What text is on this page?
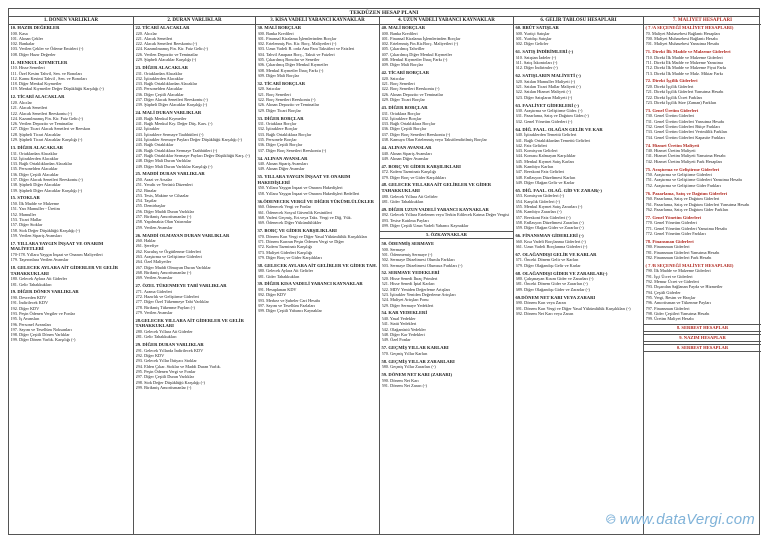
TEKDÜZEN HESAP PLANI
1. DÖNEN VARLIKLAR
10. HAZIR DEĞERLER
100. Kasa
101. Alınan Çekler
102. Bankalar
103. Verilen Çekler ve Ödeme Emirleri (-)
108. Diğer Hazır Değerler
11. MENKUL KIYMETLER
110. Hisse Senetleri
111. Özel Kesim Tahvil, Sen. ve Bonoları
112. Kamu Kesimi Tahvil , Sen. ve Bonoları
118. Diğer Menkul Kıymetler
119. Menkul Kıymetler Değer Düşüklüğü Karşılığı (-)
12. TİCARİ ALACAKLAR
120. Alıcılar
121. Alacak Senetleri
122. Alacak Senetleri Reeskontu (-)
124. Kazanılmamış Fin. Kir. Faiz Gelir.(-)
126. Verilen Depozito ve Teminatlar
127. Diğer Ticari Alacak Senetleri ve Reeskon
128. Şüpheli Ticari Alacaklar
129. Şüpheli Ticari Alacaklar Karşılığı (-)
13. DİĞER ALACAKLAR
131. Ortaklardan Alacaklar
132. İştiraklerden Alacaklar
133. Bağlı Ortaklıklardan Alacaklar
135. Personelden Alacaklar
136. Diğer Çeşitli Alacaklar
137. Diğer Alacak Senetleri Reeskontu (-)
138. Şüpheli Diğer Alacaklar
139. Şüpheli Diğer Alacaklar Karşılığı (-)
15. STOKLAR
150. İlk Madde ve Malzeme
151. Yarı Mamuller - Üretim
152. Mamuller
153. Ticari Mallar
157. Diğer Stoklar
158. Stok Değer Düşüklüğü Karşılığı (-)
159. Verilen Sipariş Avansları
17. YILLARA YAYGIN İNŞAAT VE ONARIM MALİYETLERİ
170-178. Yıllara Yaygın İnşaat ve Onarım Maliyetleri
179. Taşeronlara Verilen Avanslar
18. GELECEK AYLARA AİT GİDERLER VE GELİR TAHAKKUKLARI
180. Gelecek Aylara Ait Giderler
181. Gelir Tahakkukları
19. DİĞER DÖNEN VARLIKLAR
190. Devreden KDV
191. İndirilecek KDV
192. Diğer KDV
193. Peşin Ödenen Vergiler ve Fonlar
195. İş Avansları
196. Personel Avansları
197. Sayım ve Tesellüm Noksanları
198. Diğer Çeşitli Dönen Varlıklar
199. Diğer Dönen Varlık. Karşılığı (-)
2. DURAN VARLIKLAR
22. TİCARİ ALACAKLAR
220. Alıcılar
221. Alacak Senetleri
222. Alacak Senetleri Reeskontu (-)
224. Kazanılmamış Fin. Kir. Faiz Gelir.(-)
226. Verilen Depozito ve Teminatlar
229. Şüpheli Alacaklar Karşılığı (-)
23. DİĞER ALACAKLAR
231. Ortaklardan Alacaklar
232. İştiraklerden Alacaklar
233. Bağlı Ortaklıklardan Alacaklar
235. Personelden Alacaklar
236. Diğer Çeşitli Alacaklar
237. Diğer Alacak Senetleri Reeskontu (-)
239. Şüpheli Diğer Alacaklar Karşılığı (-)
24. MALİ DURAN VARLIKLAR
240. Bağlı Menkul Kıymetler
241. Bağlı Menkul Kıy. Değer Düş. Kars. (-)
242. İştirakler
243. İştiraklere Sermaye Taahhütleri (-)
244. İştirakler Sermaye Payları Değer Düşüklüğü Karşılığı (-)
245. Bağlı Ortaklıklar
246. Bağlı Ortaklıklara Sermaye Taahhütleri (-)
247. Bağlı Ortaklıklar Sermaye Payları Değer Düşüklüğü Karş. (-)
248. Diğer Mali Duran Varlıklar
249. Diğer Mali Duran Varlıklar Karşılığı (-)
25. MADDİ DURAN VARLIKLAR
250. Arazi ve Arsalar
251. Yeraltı ve Yerüstü Düzenleri
252. Binalar
253. Tesis, Makine ve Cihazlar
254. Taşıtlar
255. Demirbaşlar
256. Diğer Maddi Duran Varlıklar
257. Birikmiş Amortismanlar (-)
258. Yapılmakta Olan Yatırımlar
259. Verilen Avanslar
26. MADDİ OLMAYAN DURAN VARLIKLAR
260. Haklar
261. Şerefiye
262. Kuruluş ve Örgütlenme Giderleri
263. Araştırma ve Geliştirme Giderleri
264. Özel Maliyetler
267. Diğer Maddi Olmayan Duran Varlıklar
268. Birikmiş Amortismanlar (-)
269. Verilen Avanslar
27. ÖZEL TÜKENMEYE TABİ VARLIKLAR
271. Arama Giderleri
272. Hazırlık ve Geliştirme Giderleri
277. Diğer Özel Tükenmeye Tabi Varlıklar
278. Birikmiş Tükenme Payları (-)
279. Verilen Avanslar
28.GELECEK YILLARA AİT GİDERLER VE GELİR TAHAKKUKLARI
280. Gelecek Yıllara Ait Giderler
281. Gelir Tahakkukları
29. DİĞER DURAN VARLIKLAR
291. Gelecek Yıllarda İndirilecek KDV
292. Diğer KDV
293. Gelecek Yıllar İhtiyacı Stoklar
294. Elden Çıkar. Stoklar ve Maddi Duran Varlık.
295. Peşin Ödenen Vergi ve Fonlar
297. Diğer Çeşitli Duran Varlıklar
298. Stok Değer Düşüklüğü Karşılığı (-)
299. Birikmiş Amortismanlar (-)
3. KISA VADELİ YABANCI KAYNAKLAR
30. MALİ BORÇLAR
300. Banka Kredileri
301. Finansal Kiralama İşlemlerinden Borçlar
302. Ertelenmiş Fin. Kir. Borç. Maliyetleri (-)
303. Uzun Vadeli B. orda Ana Para Taksitleri ve Faizleri
304. Tahvil Anapara Borç., Taksit ve Faizleri
305. Çıkarılmış Bonolar ve Senetler
306. Çıkarılmış Diğer Menkul Kıymetler
308. Menkul Kıymetler İhraç Farkı (-)
309. Diğer Mali Borçlar
32. TİCARİ BORÇLAR
320. Satıcılar
321. Borç Senetleri
322. Borç Senetleri Reeskontu (-)
326. Alınan Depozito ve Teminatlar
329. Diğer Ticari Borçlar
33. DİĞER BORÇLAR
331. Ortaklara Borçlar
332. İştiraklere Borçlar
333. Bağlı Ortaklıklara Borçlar
335. Personele Borçlar
336. Diğer Çeşitli Borçlar
337. Diğer Borç Senetleri Reeskontu (-)
34. ALINAN AVANSLAR
340. Alınan Sipariş Avansları
349. Alınan Diğer Avanslar
35. YILLARA YAYGIN İNŞAAT VE ONARIM HAKEDİŞLERİ
350. Yıllara Yaygın İnşaat ve Onarım Hakedişleri
358. Yıllara Yaygın İnşaat ve Onarım Hakedişleri Bedelleri
36.ÖDENECEK VERGİ VE DİĞER YÜKÜMLÜLÜKLER
360. Ödenecek Vergi ve Fonlar
361. Ödenecek Sosyal Güvenlik Kesintileri
368. Vadesi Geçmiş, Ert.veya Taks. Vergi ve Diğ. Yük.
369. Ödenecek Diğer Yükümlülükler
37. BORÇ VE GİDER KARŞILIKLARI
370. Dönem Karı Vergi ve Diğer Yasal Yükümlülük Karşılıkları
371. Dönem Karının Peşin Ödenen Vergi ve Diğer
372. Kıdem Tazminatı Karşılığı
373. Maliyet Giderleri Karşılığı
379. Diğer Borç ve Gider Karşılıkları
38. GELECEK AYLARA AİT GELİRLER VE GİDER TAH.
380. Gelecek Aylara Ait Gelirler
381. Gider Tahakkukları
39. DİĞER KISA VADELİ YABANCI KAYNAKLAR
391. Hesaplanan KDV
392. Diğer KDV
393. Merkez ve Şubeler Cari Hesabı
397. Sayım ve Tesellüm Fazlaları
399. Diğer Çeşitli Yabancı Kaynaklar
4. UZUN VADELİ YABANCI KAYNAKLAR
40. MALİ BORÇLAR
400. Banka Kredileri
401. Finansal Kiralama İşlemlerinden Borçlar
402. Ertelenmiş Fin.Kir.Borç. Maliyetleri (-)
405. Çıkarılmış Tahviller
407. Çıkarılmış Diğer Menkul Kıymetler
408. Menkul Kıymetler İhraç Farkı (-)
409. Diğer Mali Borçlar
42. TİCARİ BORÇLAR
420. Satıcılar
421. Borç Senetleri
422. Borç Senetleri Reeskontu (-)
426. Alınan Depozito ve Teminatlar
429. Diğer Ticari Borçlar
43. DİĞER BORÇLAR
431. Ortaklara Borçlar
432. İştiraklere Borçlar
433. Bağlı Ortaklıklara Borçlar
436. Diğer Çeşitli Borçlar
437. Diğer Borç Senetleri Reeskontu (-)
438. Kamuya Olan Ertelenmiş veya Taksitlendirilmiş Borçlar
44. ALINAN AVANSLAR
440. Alınan Sipariş Avansları
449. Alınan Diğer Avanslar
47. BORÇ VE GİDER KARŞILIKLARI
472. Kıdem Tazminatı Karşılığı
479. Diğer Borç ve Gider Karşılıkları
48. GELECEK YILLARA AİT GELİRLER VE GİDER TAHAKKUKLARI
480. Gelecek Yıllara Ait Gelirler
481. Gider Tahakkukları
49. DİĞER UZUN VADELİ YABANCI KAYNAKLAR
492. Gelecek Yıllara Ertelenen veya Terkin Edilecek Katma Değer Vergisi
493. Tesise Katılma Payları
499. Diğer Çeşitli Uzun Vadeli Yabancı Kaynaklar
5. ÖZKAYNAKLAR
50. ÖDENMİŞ SERMAYE
500. Sermaye
501. Ödenmemiş Sermaye (-)
502. Sermaye Düzeltmesi Olumlu Farkları
503. Sermaye Düzeltmesi Olumsuz Farkları (-)
52. SERMAYE YEDEKLERİ
520. Hisse Senedi İhraç Primleri
521. Hisse Senedi İptal Karları
522. MDV Yeniden Değerleme Artışları
523. İştirakler Yeniden Değerleme Artışları
524. Maliyet Artışları Fonu
529. Diğer Sermaye Yedekleri
54. KAR YEDEKLERİ
540. Yasal Yedekler
541. Statü Yedekleri
542. Olağanüstü Yedekler
548. Diğer Kar Yedekleri
549. Özel Fonlar
57. GEÇMİŞ YILLAR KARLARI
570. Geçmiş Yıllar Karları
58. GEÇMİŞ YILLAR ZARARLARI
580. Geçmiş Yıllar Zararları (-)
59. DÖNEM NET KARI (ZARARI)
590. Dönem Net Karı
591. Dönem Net Zararı (-)
6. GELİR TABLOSU HESAPLARI
60. BRÜT SATIŞLAR
600. Yurtiçi Satışlar
601. Yurtdışı Satışlar
602. Diğer Gelirler
61. SATIŞ İNDİRİMLERİ (-)
610. Satıştan İadeler (-)
611. Satış İskontoları (-)
612. Diğer İndirimler (-)
62. SATIŞLARIN MALİYETİ (-)
620. Satılan Mamuller Maliyeti (-)
621. Satılan Ticari Mallar Maliyeti (-)
622. Satılan Hizmet Maliyeti (-)
623. Diğer Satışların Maliyeti (-)
63. FAALİYET GİDERLERİ (-)
630. Araştırma ve Geliştirme Gider. (-)
631. Pazarlama, Satış ve Dağıtım Gider.(-)
632. Genel Yönetim Giderleri (-)
64. DİĞ. FAAL. OLAĞAN GELİR VE KAR
640. İştiraklerden Temettü Gelirleri
641. Bağlı Ortaklıklardan Temettü Gelirleri
642. Faiz Gelirleri
643. Komisyon Gelirleri
644. Konusu Kalmayan Karşılıklar
645. Menkul Kıymet Satış Karları
646. Kambiyo Karları
647. Reeskont Faiz Gelirleri
648. Enflasyon Düzeltmesi Karları
649. Diğer Olağan Gelir ve Karlar
65. DİĞ. FAAL. OLAĞ. GİD VE ZARAR(-)
653. Komisyon Giderleri (-)
654. Karşılık Giderleri (-)
655. Menkul Kıymet Satış Zararları (-)
656. Kambiyo Zararları (-)
657. Reeskont Faiz Giderleri (-)
658. Enflasyon Düzeltmesi Zararları (-)
659. Diğer Olağan Gider ve Zararlar (-)
66. FİNANSMAN GİDERLERİ (-)
660. Kısa Vadeli Borçlanma Giderleri (-)
661. Uzun Vadeli Borçlanma Giderleri (-)
67. OLAĞANDIŞI GELİR VE KARLAR
671. Önceki Dönem Gelir ve Karları
679. Diğer Olağandışı Gelir ve Karlar
68. OLAĞANDIŞI GİDER VE ZARARLAR(-)
680. Çalışmayan Kısım Gider ve Zararları (-)
681. Önceki Dönem Gider ve Zararları (-)
689. Diğer Olağandışı Gider ve Zararlar (-)
69.DÖNEM NET KARI VEYA ZARARI
690. Dönem Karı veya Zararı
691. Dönem Karı Vergi ve Diğer Yasal Yükümlülük Karşılıkları (-)
692. Dönem Net Karı veya Zararı
7. MALİYET HESAPLARI
( 7 /A SEÇENEĞİ MALİYET HESAPLARI)
70. Maliyet Muhasebesi Bağlantı Hesapları
700. Maliyet Muhasebesi Bağlantı Hesabı
701. Maliyet Muhasebesi Yansıtma Hesabı
71. Direkt İlk Madde ve Malzeme Giderleri
710. Direkt İlk Madde ve Malzeme Giderleri
711. Direkt İlk Madde ve Malzeme Yansıtma
712. Direkt İlk Madde ve Malzeme Fiyat Farkı
713. Direkt İlk Madde ve Malz. Miktar Farkı
72. Direkt İşçilik Giderleri
720. Direkt İşçilik Giderleri
721. Direkt İşçilik Giderleri Yansıtma Hesabı
722. Direkt İşçilik Ücret Farkları
723. Direkt İşçilik Süre (Zaman) Farkları
73. Genel Üretim Giderleri
730. Genel Üretim Giderleri
731. Genel Üretim Giderleri Yansıtma Hesabı
732. Genel Üretim Giderleri Bütçe Farkları
733. Genel Üretim Giderleri Verimlilik Farkları
734. Genel Üretim Giderleri Kapasite Farkları
74. Hizmet Üretim Maliyeti
740. Hizmet Üretim Maliyeti
741. Hizmet Üretim Maliyeti Yansıtma Hesabı
742. Hizmet Üretim Maliyeti Fark Hesapları
75. Araştırma ve Geliştirme Giderleri
750. Araştırma ve Geliştirme Giderleri
751. Araştırma ve Geliştirme Giderleri Yansıtma Hesabı
752. Araştırma ve Geliştirme Gider Farkları
76. Pazarlama, Satış ve Dağıtım Giderleri
760. Pazarlama, Satış ve Dağıtım Giderleri
761. Pazarlama, Satış ve Dağıtım Giderleri Yansıtma Hesabı
762. Pazarlama, Satış ve Dağıtım Gider Farkları
77. Genel Yönetim Giderleri
770. Genel Yönetim Giderleri
771. Genel Yönetim Giderleri Yansıtma Hesabı
772. Genel Yönetim Gider Farkları
78. Finansman Giderleri
780. Finansman Giderleri
781. Finansman Giderleri Yansıtma Hesabı
782. Finansman Giderleri Fark Hesabı
( 7 /B SEÇENEĞİ MALİYET HESAPLARI)
790. İlk Madde ve Malzeme Giderleri
791. İşçi Ücret ve Giderleri
792. Memur Ücret ve Giderleri
793. Dışarıdan Sağlanan Fayda ve Hizmetler
794. Çeşitli Giderler
795. Vergi, Resim ve Harçlar
796. Amortisman ve Tükenme Payları
797. Finansman Giderleri
798. Gider Çeşitleri Yansıtma Hesabı
799. Üretim Maliyet Hesabı
8. SERBEST HESAPLAR
9. NAZIM HESAPLAR
0. SERBEST HESAPLAR
www.dataVergi.com
